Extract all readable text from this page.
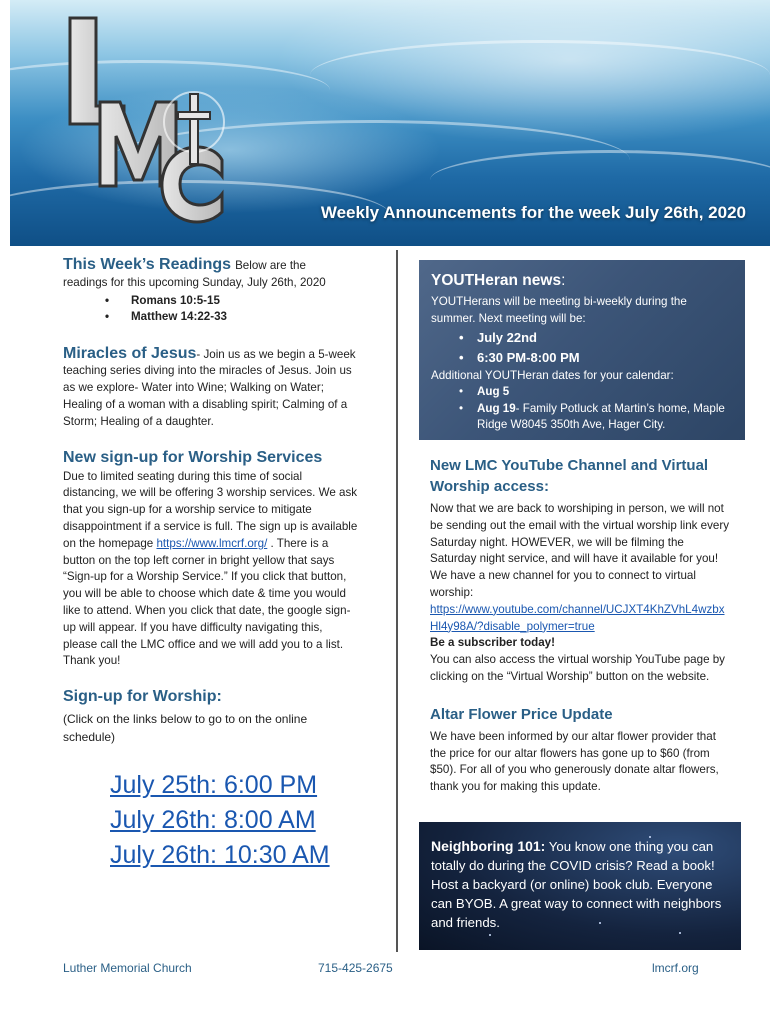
Weekly Announcements for the week July 26th, 2020
This Week’s Readings Below are the
readings for this upcoming Sunday, July 26th, 2020
• Romans 10:5-15
• Matthew 14:22-33
Miracles of Jesus- Join us as we begin a 5-week teaching series diving into the miracles of Jesus. Join us as we explore- Water into Wine; Walking on Water; Healing of a woman with a disabling spirit; Calming of a Storm; Healing of a daughter.
New sign-up for Worship Services
Due to limited seating during this time of social distancing, we will be offering 3 worship services. We ask that you sign-up for a worship service to mitigate disappointment if a service is full. The sign up is available on the homepage https://www.lmcrf.org/ . There is a button on the top left corner in bright yellow that says “Sign-up for a Worship Service.” If you click that button, you will be able to choose which date & time you would like to attend. When you click that date, the google sign-up will appear. If you have difficulty navigating this, please call the LMC office and we will add you to a list. Thank you!
Sign-up for Worship:
(Click on the links below to go to on the online schedule)
July 25th: 6:00 PM
July 26th: 8:00 AM
July 26th: 10:30 AM
YOUTHeran news:
YOUTHerans will be meeting bi-weekly during the summer. Next meeting will be:
• July 22nd
• 6:30 PM-8:00 PM
Additional YOUTHeran dates for your calendar:
• Aug 5
• Aug 19- Family Potluck at Martin’s home, Maple Ridge W8045 350th Ave, Hager City.
New LMC YouTube Channel and Virtual Worship access:
Now that we are back to worshiping in person, we will not be sending out the email with the virtual worship link every Saturday night. HOWEVER, we will be filming the Saturday night service, and will have it available for you! We have a new channel for you to connect to virtual worship:
https://www.youtube.com/channel/UCJXT4KhZVhL4wzbxHl4y98A/?disable_polymer=true
Be a subscriber today!
You can also access the virtual worship YouTube page by clicking on the “Virtual Worship” button on the website.
Altar Flower Price Update
We have been informed by our altar flower provider that the price for our altar flowers has gone up to $60 (from $50). For all of you who generously donate altar flowers, thank you for making this update.
Neighboring 101: You know one thing you can totally do during the COVID crisis? Read a book! Host a backyard (or online) book club. Everyone can BYOB. A great way to connect with neighbors and friends.
Luther Memorial Church	715-425-2675	lmcrf.org
